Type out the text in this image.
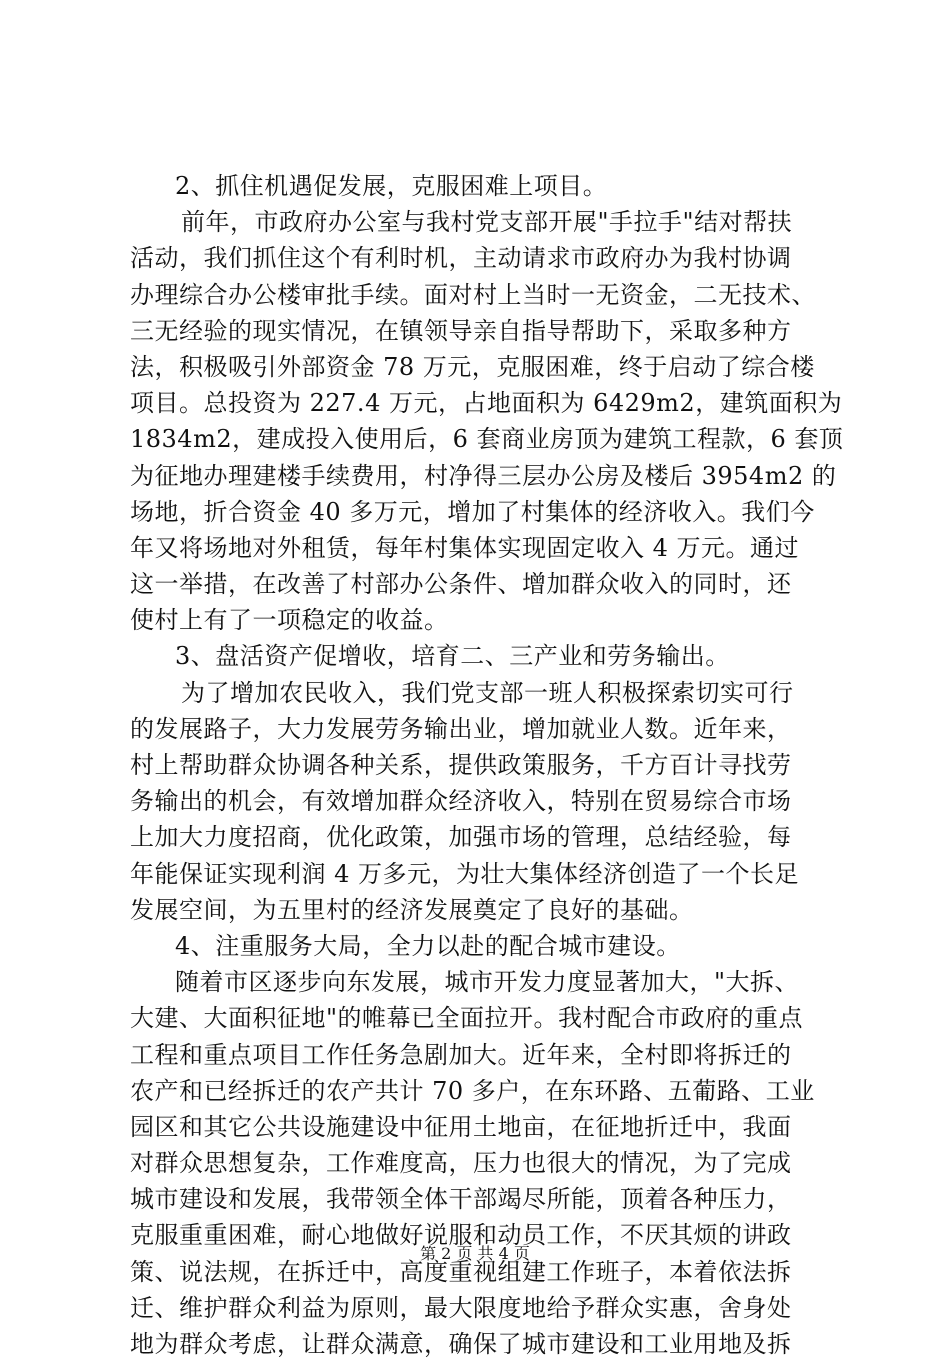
2、抓住机遇促发展，克服困难上项目。
前年，市政府办公室与我村党支部开展"手拉手"结对帮扶
活动，我们抓住这个有利时机，主动请求市政府办为我村协调
办理综合办公楼审批手续。面对村上当时一无资金，二无技术、
三无经验的现实情况，在镇领导亲自指导帮助下，采取多种方
法，积极吸引外部资金 78 万元，克服困难，终于启动了综合楼
项目。总投资为 227.4 万元，占地面积为 6429m2，建筑面积为
1834m2，建成投入使用后，6 套商业房顶为建筑工程款，6 套顶
为征地办理建楼手续费用，村净得三层办公房及楼后 3954m2 的
场地，折合资金 40 多万元，增加了村集体的经济收入。我们今
年又将场地对外租赁，每年村集体实现固定收入 4 万元。通过
这一举措，在改善了村部办公条件、增加群众收入的同时，还
使村上有了一项稳定的收益。
3、盘活资产促增收，培育二、三产业和劳务输出。
为了增加农民收入，我们党支部一班人积极探索切实可行
的发展路子，大力发展劳务输出业，增加就业人数。近年来，
村上帮助群众协调各种关系，提供政策服务，千方百计寻找劳
务输出的机会，有效增加群众经济收入，特别在贸易综合市场
上加大力度招商，优化政策，加强市场的管理，总结经验，每
年能保证实现利润 4 万多元，为壮大集体经济创造了一个长足
发展空间，为五里村的经济发展奠定了良好的基础。
4、注重服务大局，全力以赴的配合城市建设。
随着市区逐步向东发展，城市开发力度显著加大，"大拆、
大建、大面积征地"的帷幕已全面拉开。我村配合市政府的重点
工程和重点项目工作任务急剧加大。近年来，全村即将拆迁的
农产和已经拆迁的农产共计 70 多户，在东环路、五葡路、工业
园区和其它公共设施建设中征用土地亩，在征地折迁中，我面
对群众思想复杂，工作难度高，压力也很大的情况，为了完成
城市建设和发展，我带领全体干部竭尽所能，顶着各种压力，
克服重重困难，耐心地做好说服和动员工作，不厌其烦的讲政
策、说法规，在拆迁中，高度重视组建工作班子，本着依法拆
迁、维护群众利益为原则，最大限度地给予群众实惠，舍身处
地为群众考虑，让群众满意，确保了城市建设和工业用地及拆
第 2 页 共 4 页
